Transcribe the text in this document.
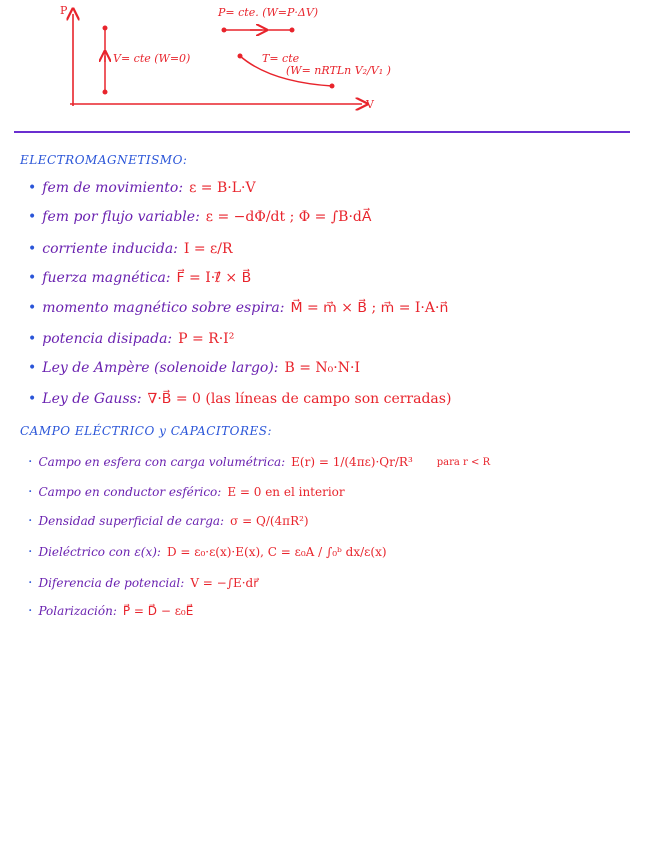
P
V
P= cte. (W=P·ΔV)
V= cte (W=0)	T= cte
(W= nRTLn V₂/V₁ )
ELECTROMAGNETISMO:
• fem de movimiento: ε = B·L·V
• fem por flujo variable: ε = −dΦ/dt ; Φ = ∫B·dA⃗
• corriente inducida: I = ε/R
• fuerza magnética: F⃗ = I·ℓ⃗ × B⃗
• momento magnético sobre espira: M⃗ = m⃗ × B⃗ ; m⃗ = I·A·n⃗
• potencia disipada: P = R·I²
• Ley de Ampère (solenoide largo): B = N₀·N·I
• Ley de Gauss: ∇·B⃗ = 0 (las líneas de campo son cerradas)
CAMPO ELÉCTRICO y CAPACITORES:
· Campo en esfera con carga volumétrica: E(r) = 1/(4πε)·Qr/R³ para r < R
· Campo en conductor esférico: E = 0 en el interior
· Densidad superficial de carga: σ = Q/(4πR²)
· Dieléctrico con ε(x): D = ε₀·ε(x)·E(x), C = ε₀A / ∫₀ᵇ dx/ε(x)
· Diferencia de potencial: V = −∫E·dr⃗
· Polarización: P⃗ = D⃗ − ε₀E⃗
